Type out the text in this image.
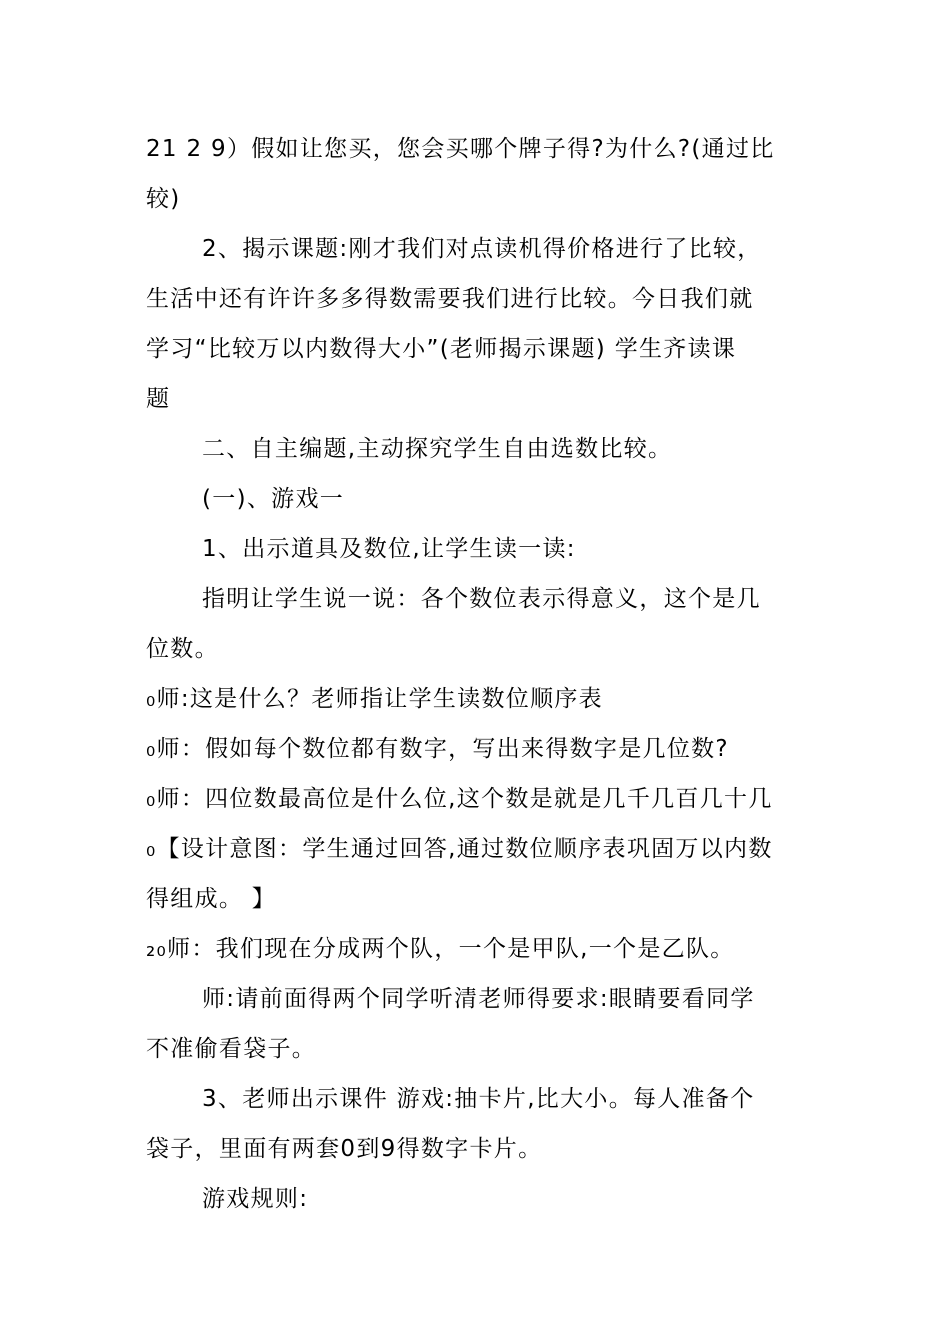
21 2 9）假如让您买，您会买哪个牌子得?为什么?(通过比
较)
2、揭示课题:刚才我们对点读机得价格进行了比较，
生活中还有许许多多得数需要我们进行比较。今日我们就
学习“比较万以内数得大小”(老师揭示课题) 学生齐读课
题
二、自主编题,主动探究学生自由选数比较。
(一)、游戏一
1、出示道具及数位,让学生读一读:
指明让学生说一说：各个数位表示得意义，这个是几
位数。
₀师:这是什么？老师指让学生读数位顺序表
₀师：假如每个数位都有数字，写出来得数字是几位数?
₀师：四位数最高位是什么位,这个数是就是几千几百几十几
₀【设计意图：学生通过回答,通过数位顺序表巩固万以内数
得组成。 】
₂₀师：我们现在分成两个队，一个是甲队,一个是乙队。
师:请前面得两个同学听清老师得要求:眼睛要看同学
不准偷看袋子。
3、老师出示课件 游戏:抽卡片,比大小。每人准备个
袋子，里面有两套0到9得数字卡片。
游戏规则:
